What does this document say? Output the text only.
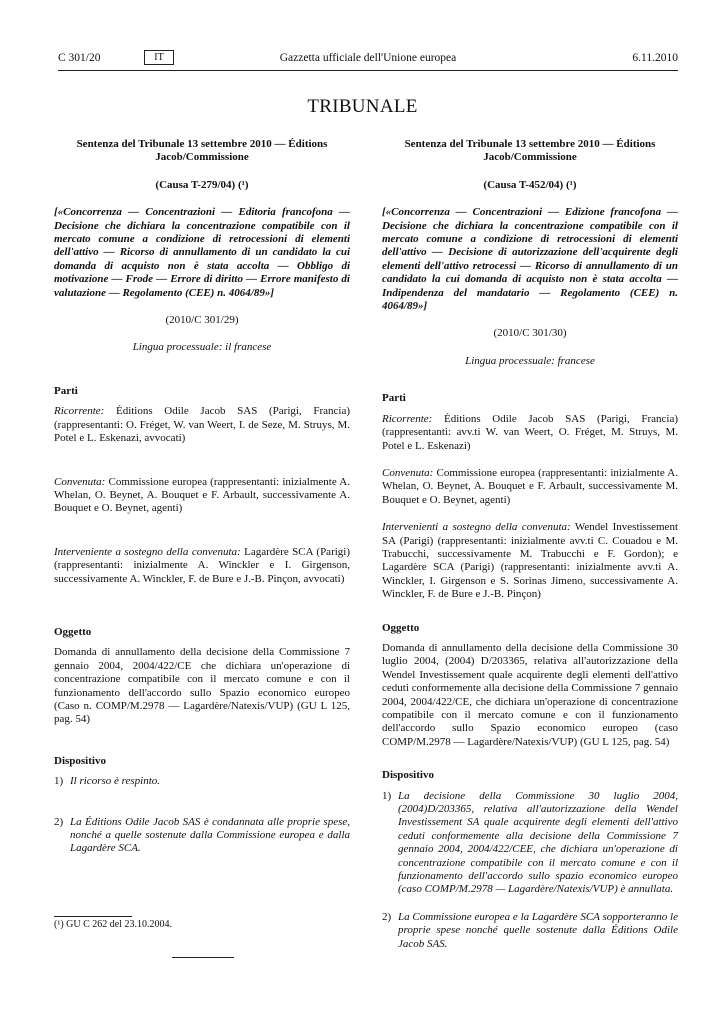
C 301/20	IT	Gazzetta ufficiale dell'Unione europea	6.11.2010
TRIBUNALE

Sentenza del Tribunale 13 settembre 2010 — Éditions Jacob/Commissione

(Causa T-279/04) (¹)

[«Concorrenza — Concentrazioni — Editoria francofona — Decisione che dichiara la concentrazione compatibile con il mercato comune a condizione di retrocessioni di elementi dell'attivo — Ricorso di annullamento di un candidato la cui domanda di acquisto non è stata accolta — Obbligo di motivazione — Frode — Errore di diritto — Errore manifesto di valutazione — Regolamento (CEE) n. 4064/89»]

(2010/C 301/29)

Lingua processuale: il francese

Parti

Ricorrente: Éditions Odile Jacob SAS (Parigi, Francia) (rappresentanti: O. Fréget, W. van Weert, I. de Seze, M. Struys, M. Potel e L. Eskenazi, avvocati)

Convenuta: Commissione europea (rappresentanti: inizialmente A. Whelan, O. Beynet, A. Bouquet e F. Arbault, successivamente A. Bouquet e O. Beynet, agenti)

Interveniente a sostegno della convenuta: Lagardère SCA (Parigi) (rappresentanti: inizialmente A. Winckler e I. Girgenson, successivamente A. Winckler, F. de Bure e J.-B. Pinçon, avvocati)

Oggetto

Domanda di annullamento della decisione della Commissione 7 gennaio 2004, 2004/422/CE che dichiara un'operazione di concentrazione compatibile con il mercato comune e con il funzionamento dell'accordo sullo Spazio economico europeo (Caso n. COMP/M.2978 — Lagardère/Natexis/VUP) (GU L 125, pag. 54)

Dispositivo

1) Il ricorso è respinto.
2) La Éditions Odile Jacob SAS è condannata alle proprie spese, nonché a quelle sostenute dalla Commissione europea e dalla Lagardère SCA.

Sentenza del Tribunale 13 settembre 2010 — Éditions Jacob/Commissione

(Causa T-452/04) (¹)

[«Concorrenza — Concentrazioni — Edizione francofona — Decisione che dichiara la concentrazione compatibile con il mercato comune a condizione di retrocessioni di elementi dell'attivo — Decisione di autorizzazione dell'acquirente degli elementi dell'attivo retrocessi — Ricorso di annullamento di un candidato la cui domanda di acquisto non è stata accolta — Indipendenza del mandatario — Regolamento (CEE) n. 4064/89»]

(2010/C 301/30)

Lingua processuale: francese

Parti

Ricorrente: Éditions Odile Jacob SAS (Parigi, Francia) (rappresentanti: avv.ti W. van Weert, O. Fréget, M. Struys, M. Potel e L. Eskenazi)

Convenuta: Commissione europea (rappresentanti: inizialmente A. Whelan, O. Beynet, A. Bouquet e F. Arbault, successivamente M. Bouquet e O. Beynet, agenti)

Intervenienti a sostegno della convenuta: Wendel Investissement SA (Parigi) (rappresentanti: inizialmente avv.ti C. Couadou e M. Trabucchi, successivamente M. Trabucchi e F. Gordon); e Lagardère SCA (Parigi) (rappresentanti: inizialmente avv.ti A. Winckler, I. Girgenson e S. Sorinas Jimeno, successivamente A. Winckler, F. de Bure e J.-B. Pinçon)

Oggetto

Domanda di annullamento della decisione della Commissione 30 luglio 2004, (2004) D/203365, relativa all'autorizzazione della Wendel Investissement quale acquirente degli elementi dell'attivo ceduti conformemente alla decisione della Commissione 7 gennaio 2004, 2004/422/CE, che dichiara un'operazione di concentrazione compatibile con il mercato comune e con il funzionamento dell'accordo sullo Spazio economico europeo (caso COMP/M.2978 — Lagardère/Natexis/VUP) (GU L 125, pag. 54)

Dispositivo

1) La decisione della Commissione 30 luglio 2004, (2004)D/203365, relativa all'autorizzazione della Wendel Investissement SA quale acquirente degli elementi dell'attivo ceduti conformemente alla decisione della Commissione 7 gennaio 2004, 2004/422/CEE, che dichiara un'operazione di concentrazione compatibile con il mercato comune e con il funzionamento dell'accordo sullo spazio economico europeo (caso COMP/M.2978 — Lagardère/Natexis/VUP) è annullata.
2) La Commissione europea e la Lagardère SCA sopporteranno le proprie spese nonché quelle sostenute dalla Éditions Odile Jacob SAS.
(¹) GU C 262 del 23.10.2004.
